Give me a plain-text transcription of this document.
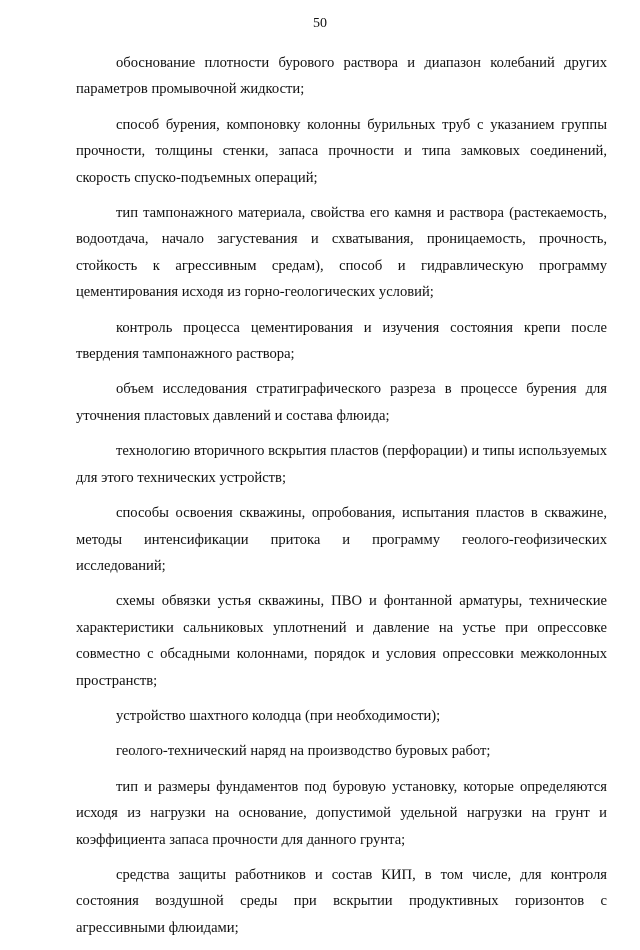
50

обоснование плотности бурового раствора и диапазон колебаний других параметров промывочной жидкости;

способ бурения, компоновку колонны бурильных труб с указанием группы прочности, толщины стенки, запаса прочности и типа замковых соединений, скорость спуско-подъемных операций;

тип тампонажного материала, свойства его камня и раствора (растекаемость, водоотдача, начало загустевания и схватывания, проницаемость, прочность, стойкость к агрессивным средам), способ и гидравлическую программу цементирования исходя из горно-геологических условий;

контроль процесса цементирования и изучения состояния крепи после твердения тампонажного раствора;

объем исследования стратиграфического разреза в процессе бурения для уточнения пластовых давлений и состава флюида;

технологию вторичного вскрытия пластов (перфорации) и типы используемых для этого технических устройств;

способы освоения скважины, опробования, испытания пластов в скважине, методы интенсификации притока и программу геолого-геофизических исследований;

схемы обвязки устья скважины, ПВО и фонтанной арматуры, технические характеристики сальниковых уплотнений и давление на устье при опрессовке совместно с обсадными колоннами, порядок и условия опрессовки межколонных пространств;

устройство шахтного колодца (при необходимости);

геолого-технический наряд на производство буровых работ;

тип и размеры фундаментов под буровую установку, которые определяются исходя из нагрузки на основание, допустимой удельной нагрузки на грунт и коэффициента запаса прочности для данного грунта;

средства защиты работников и состав КИП, в том числе, для контроля состояния воздушной среды при вскрытии продуктивных горизонтов с агрессивными флюидами;
